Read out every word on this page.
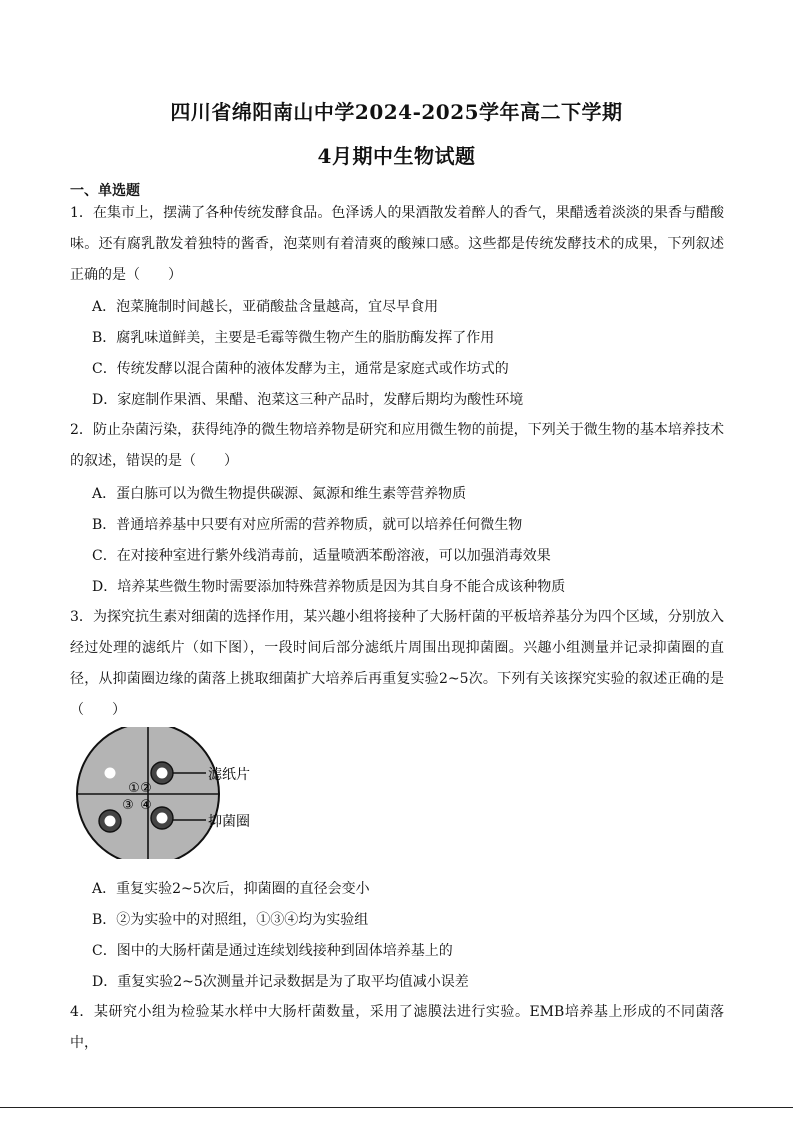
四川省绵阳南山中学2024-2025学年高二下学期
4月期中生物试题
一、单选题
1．在集市上，摆满了各种传统发酵食品。色泽诱人的果酒散发着醉人的香气，果醋透着淡淡的果香与醋酸味。还有腐乳散发着独特的酱香，泡菜则有着清爽的酸辣口感。这些都是传统发酵技术的成果，下列叙述正确的是（　　）
A．泡菜腌制时间越长，亚硝酸盐含量越高，宜尽早食用
B．腐乳味道鲜美，主要是毛霉等微生物产生的脂肪酶发挥了作用
C．传统发酵以混合菌种的液体发酵为主，通常是家庭式或作坊式的
D．家庭制作果酒、果醋、泡菜这三种产品时，发酵后期均为酸性环境
2．防止杂菌污染，获得纯净的微生物培养物是研究和应用微生物的前提，下列关于微生物的基本培养技术的叙述，错误的是（　　）
A．蛋白胨可以为微生物提供碳源、氮源和维生素等营养物质
B．普通培养基中只要有对应所需的营养物质，就可以培养任何微生物
C．在对接种室进行紫外线消毒前，适量喷洒苯酚溶液，可以加强消毒效果
D．培养某些微生物时需要添加特殊营养物质是因为其自身不能合成该种物质
3．为探究抗生素对细菌的选择作用，某兴趣小组将接种了大肠杆菌的平板培养基分为四个区域，分别放入经过处理的滤纸片（如下图），一段时间后部分滤纸片周围出现抑菌圈。兴趣小组测量并记录抑菌圈的直径，从抑菌圈边缘的菌落上挑取细菌扩大培养后再重复实验2~5次。下列有关该探究实验的叙述正确的是（　　）
① ②
③ ④
滤纸片
抑菌圈
A．重复实验2~5次后，抑菌圈的直径会变小
B．②为实验中的对照组，①③④均为实验组
C．图中的大肠杆菌是通过连续划线接种到固体培养基上的
D．重复实验2~5次测量并记录数据是为了取平均值减小误差
4．某研究小组为检验某水样中大肠杆菌数量，采用了滤膜法进行实验。EMB培养基上形成的不同菌落中，
